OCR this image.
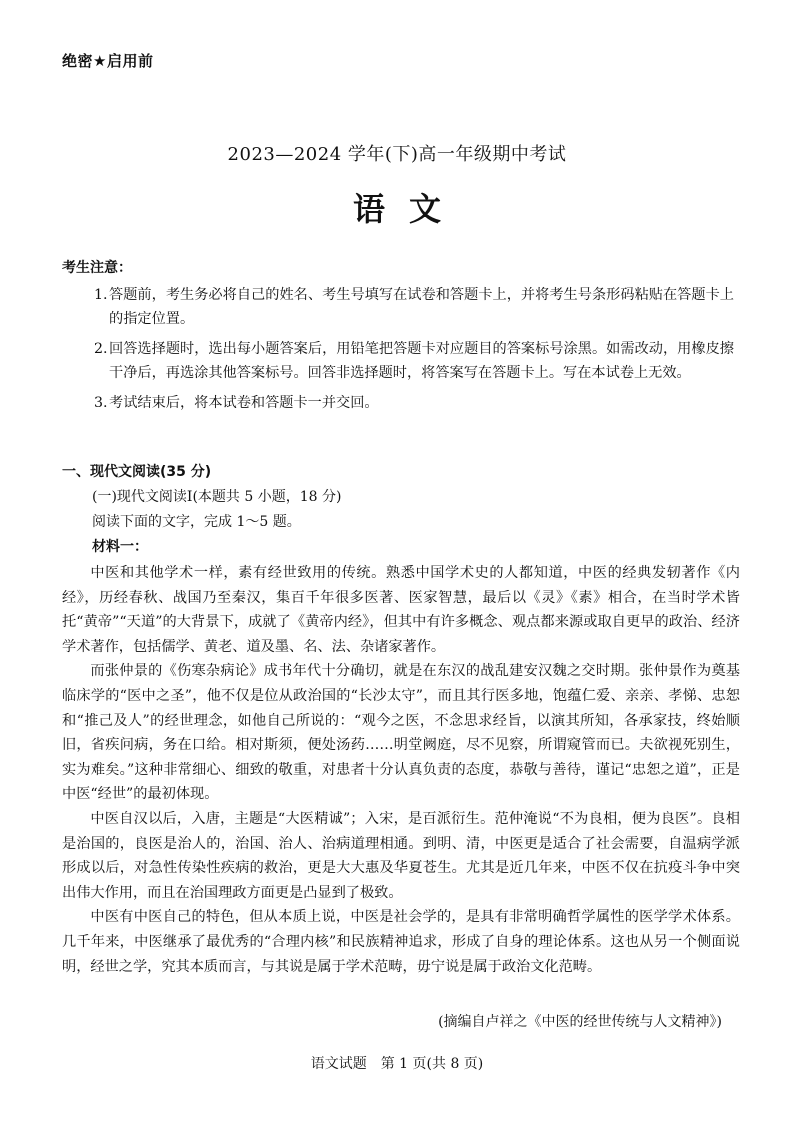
绝密★启用前
2023—2024 学年(下)高一年级期中考试
语文
考生注意：
1. 答题前，考生务必将自己的姓名、考生号填写在试卷和答题卡上，并将考生号条形码粘贴在答题卡上的指定位置。
2. 回答选择题时，选出每小题答案后，用铅笔把答题卡对应题目的答案标号涂黑。如需改动，用橡皮擦干净后，再选涂其他答案标号。回答非选择题时，将答案写在答题卡上。写在本试卷上无效。
3. 考试结束后，将本试卷和答题卡一并交回。
一、现代文阅读(35 分)
(一)现代文阅读Ⅰ(本题共 5 小题，18 分)
阅读下面的文字，完成 1～5 题。
材料一：

中医和其他学术一样，素有经世致用的传统。熟悉中国学术史的人都知道，中医的经典发轫著作《内经》，历经春秋、战国乃至秦汉，集百千年很多医著、医家智慧，最后以《灵》《素》相合，在当时学术皆托“黄帝”“天道”的大背景下，成就了《黄帝内经》，但其中有许多概念、观点都来源或取自更早的政治、经济学术著作，包括儒学、黄老、道及墨、名、法、杂诸家著作。

而张仲景的《伤寒杂病论》成书年代十分确切，就是在东汉的战乱建安汉魏之交时期。张仲景作为奠基临床学的“医中之圣”，他不仅是位从政治国的“长沙太守”，而且其行医多地，饱蕴仁爱、亲亲、孝悌、忠恕和“推己及人”的经世理念，如他自己所说的：“观今之医，不念思求经旨，以演其所知，各承家技，终始顺旧，省疾问病，务在口给。相对斯须，便处汤药……明堂阙庭，尽不见察，所谓窥管而已。夫欲视死别生，实为难矣。”这种非常细心、细致的敬重，对患者十分认真负责的态度，恭敬与善待，谨记“忠恕之道”，正是中医“经世”的最初体现。

中医自汉以后，入唐，主题是“大医精诚”；入宋，是百派衍生。范仲淹说“不为良相，便为良医”。良相是治国的，良医是治人的，治国、治人、治病道理相通。到明、清，中医更是适合了社会需要，自温病学派形成以后，对急性传染性疾病的救治，更是大大惠及华夏苍生。尤其是近几年来，中医不仅在抗疫斗争中突出伟大作用，而且在治国理政方面更是凸显到了极致。

中医有中医自己的特色，但从本质上说，中医是社会学的，是具有非常明确哲学属性的医学学术体系。几千年来，中医继承了最优秀的“合理内核”和民族精神追求，形成了自身的理论体系。这也从另一个侧面说明，经世之学，究其本质而言，与其说是属于学术范畴，毋宁说是属于政治文化范畴。

(摘编自卢祥之《中医的经世传统与人文精神》)
语文试题　第 1 页(共 8 页)
